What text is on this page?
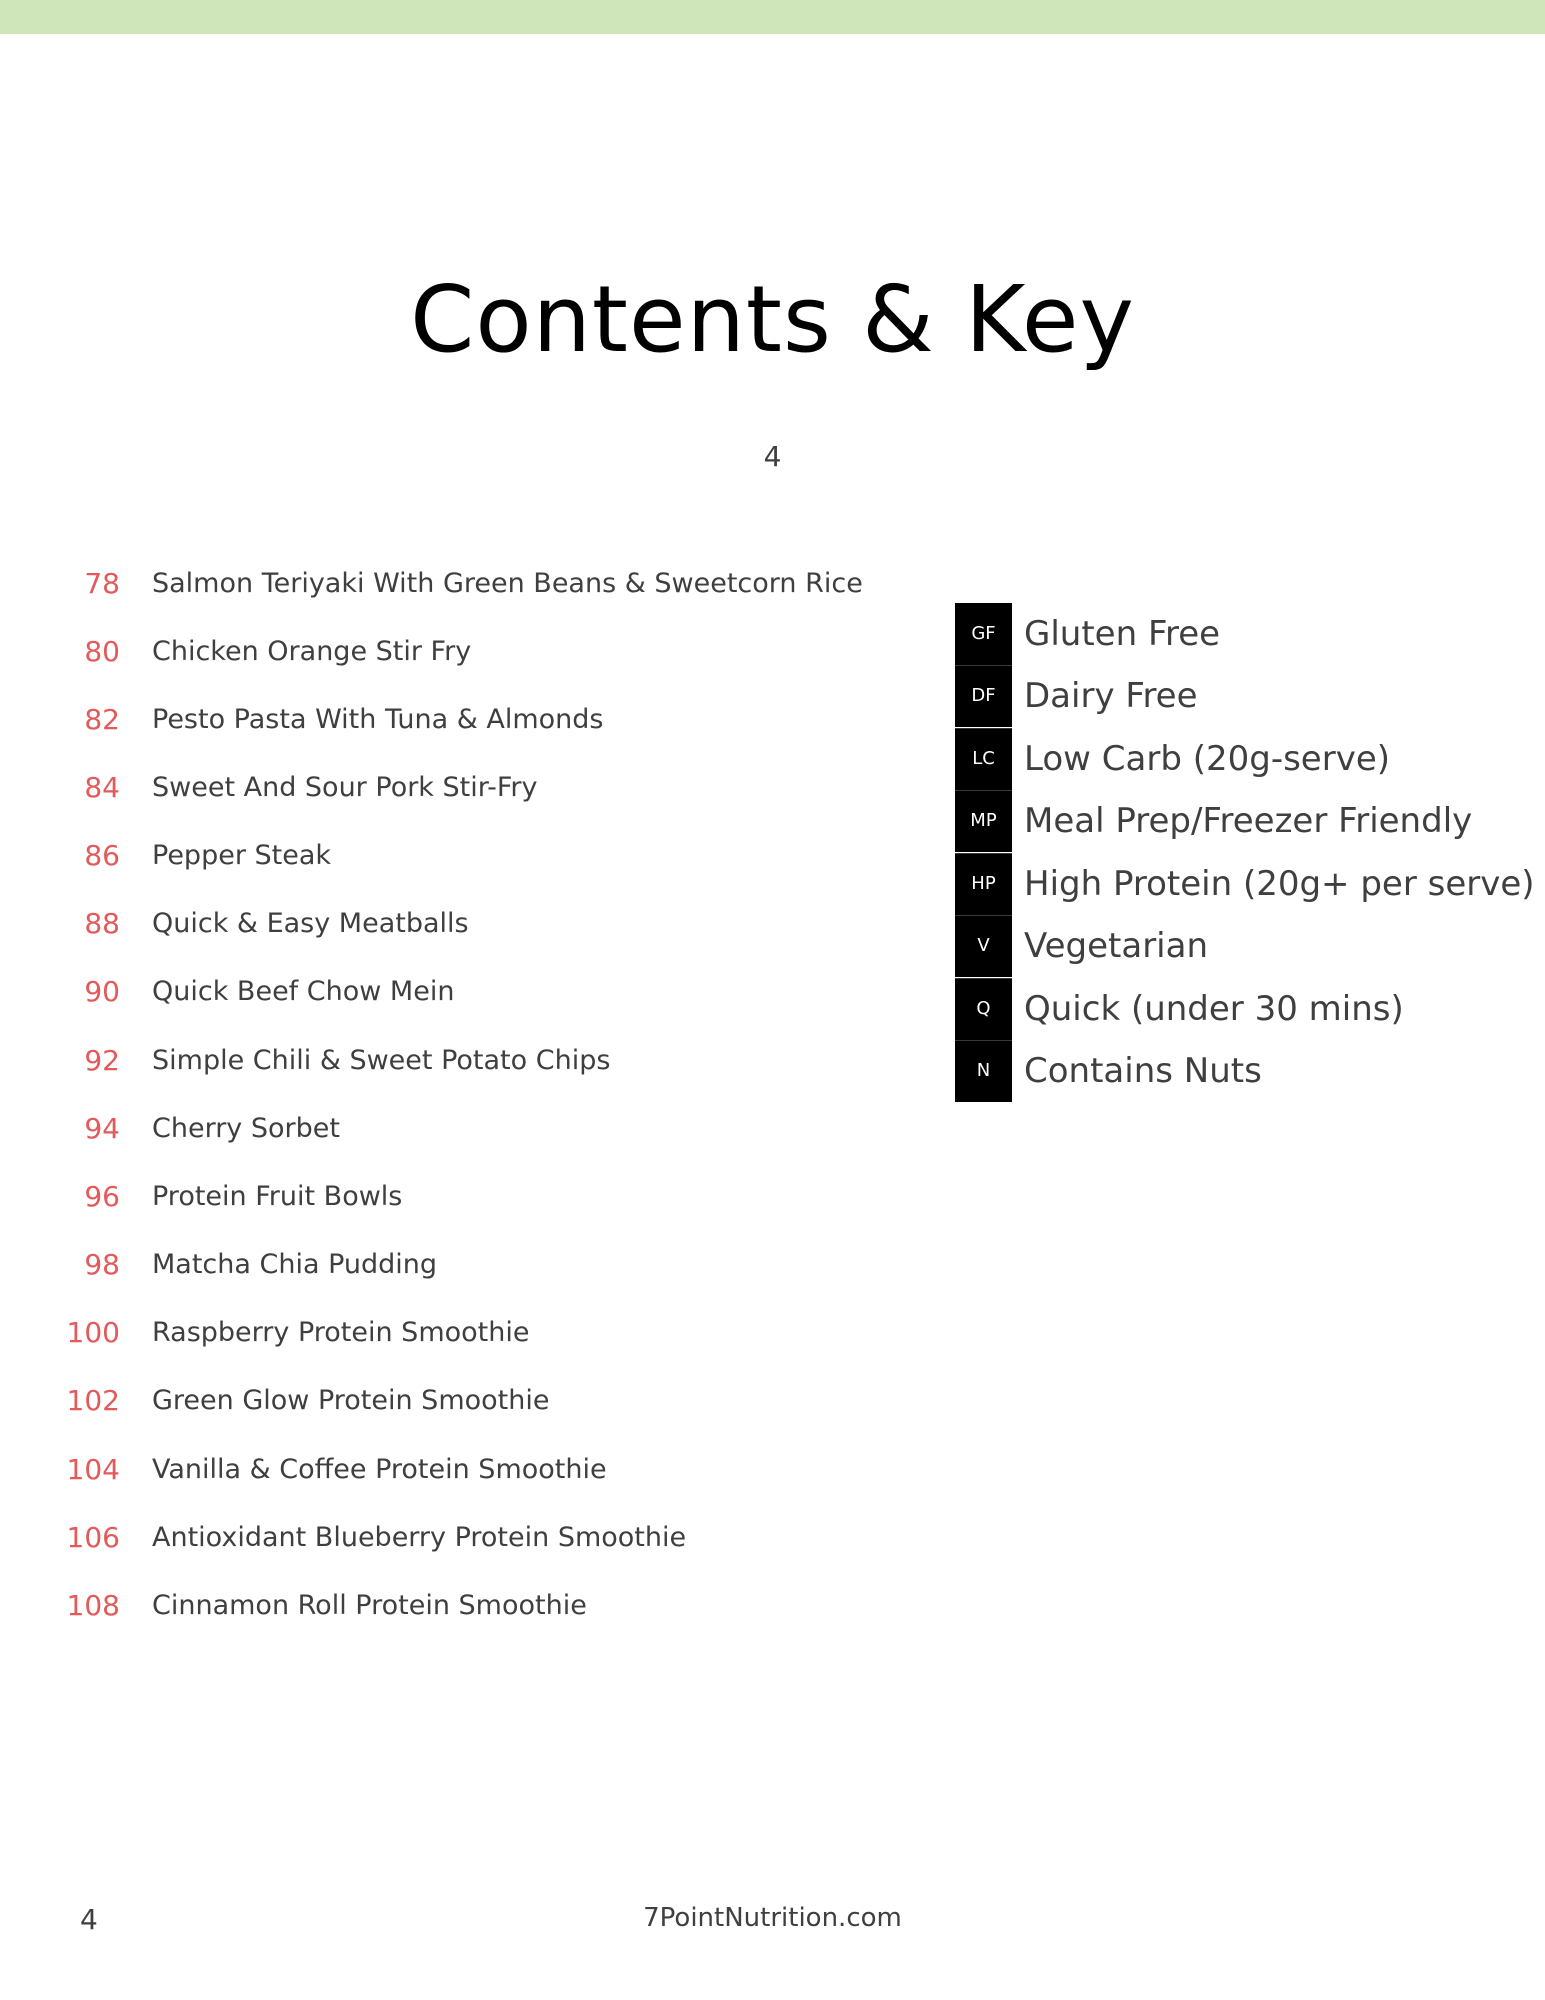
Contents & Key
4
78 Salmon Teriyaki With Green Beans & Sweetcorn Rice
80 Chicken Orange Stir Fry
82 Pesto Pasta With Tuna & Almonds
84 Sweet And Sour Pork Stir-Fry
86 Pepper Steak
88 Quick & Easy Meatballs
90 Quick Beef Chow Mein
92 Simple Chili & Sweet Potato Chips
94 Cherry Sorbet
96 Protein Fruit Bowls
98 Matcha Chia Pudding
100 Raspberry Protein Smoothie
102 Green Glow Protein Smoothie
104 Vanilla & Coffee Protein Smoothie
106 Antioxidant Blueberry Protein Smoothie
108 Cinnamon Roll Protein Smoothie
GF Gluten Free
DF Dairy Free
LC Low Carb (20g-serve)
MP Meal Prep/Freezer Friendly
HP High Protein (20g+ per serve)
V	Vegetarian
Q Quick (under 30 mins)
N Contains Nuts
4	7PointNutrition.com
